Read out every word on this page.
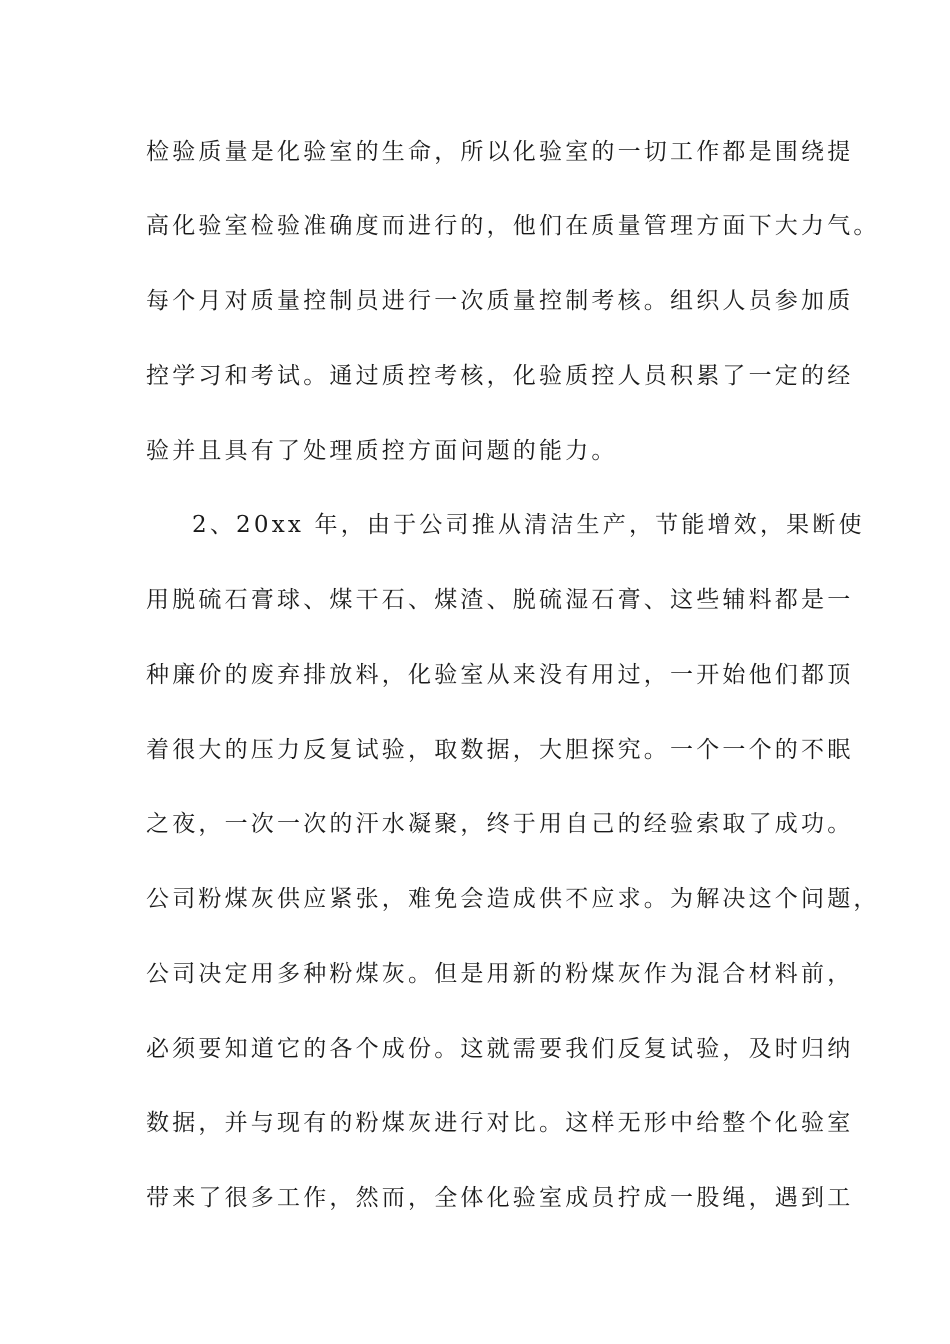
检验质量是化验室的生命，所以化验室的一切工作都是围绕提
高化验室检验准确度而进行的，他们在质量管理方面下大力气。
每个月对质量控制员进行一次质量控制考核。组织人员参加质
控学习和考试。通过质控考核，化验质控人员积累了一定的经
验并且具有了处理质控方面问题的能力。
2、20xx 年，由于公司推从清洁生产，节能增效，果断使
用脱硫石膏球、煤干石、煤渣、脱硫湿石膏、这些辅料都是一
种廉价的废弃排放料，化验室从来没有用过，一开始他们都顶
着很大的压力反复试验，取数据，大胆探究。一个一个的不眠
之夜，一次一次的汗水凝聚，终于用自己的经验索取了成功。
公司粉煤灰供应紧张，难免会造成供不应求。为解决这个问题，
公司决定用多种粉煤灰。但是用新的粉煤灰作为混合材料前，
必须要知道它的各个成份。这就需要我们反复试验，及时归纳
数据，并与现有的粉煤灰进行对比。这样无形中给整个化验室
带来了很多工作，然而，全体化验室成员拧成一股绳，遇到工
